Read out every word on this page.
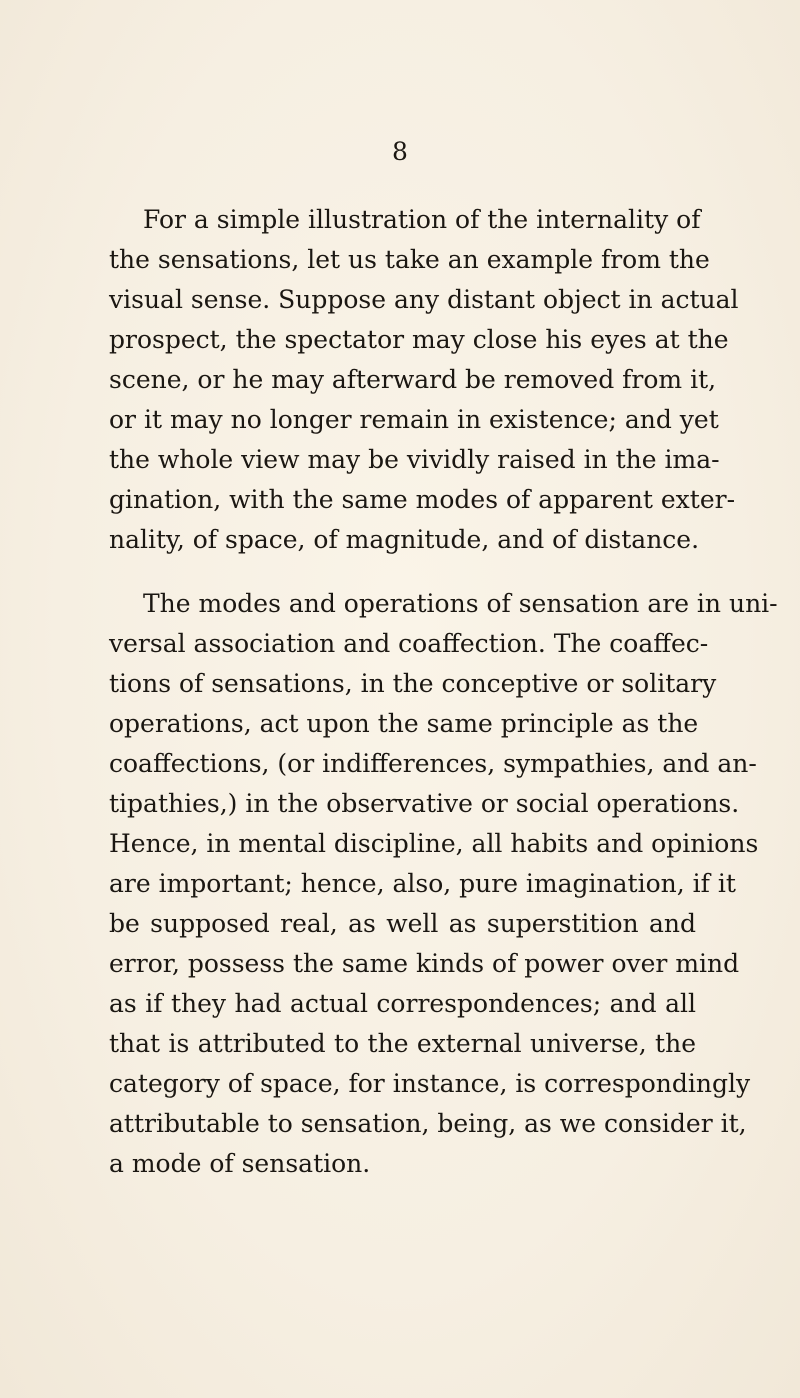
8
For a simple illustration of the internality of
the sensations, let us take an example from the
visual sense. Suppose any distant object in actual
prospect, the spectator may close his eyes at the
scene, or he may afterward be removed from it,
or it may no longer remain in existence; and yet
the whole view may be vividly raised in the ima-
gination, with the same modes of apparent exter-
nality, of space, of magnitude, and of distance.
The modes and operations of sensation are in uni-
versal association and coaffection. The coaffec-
tions of sensations, in the conceptive or solitary
operations, act upon the same principle as the
coaffections, (or indifferences, sympathies, and an-
tipathies,) in the observative or social operations.
Hence, in mental discipline, all habits and opinions
are important; hence, also, pure imagination, if it
be supposed real, as well as superstition and
error, possess the same kinds of power over mind
as if they had actual correspondences; and all
that is attributed to the external universe, the
category of space, for instance, is correspondingly
attributable to sensation, being, as we consider it,
a mode of sensation.
